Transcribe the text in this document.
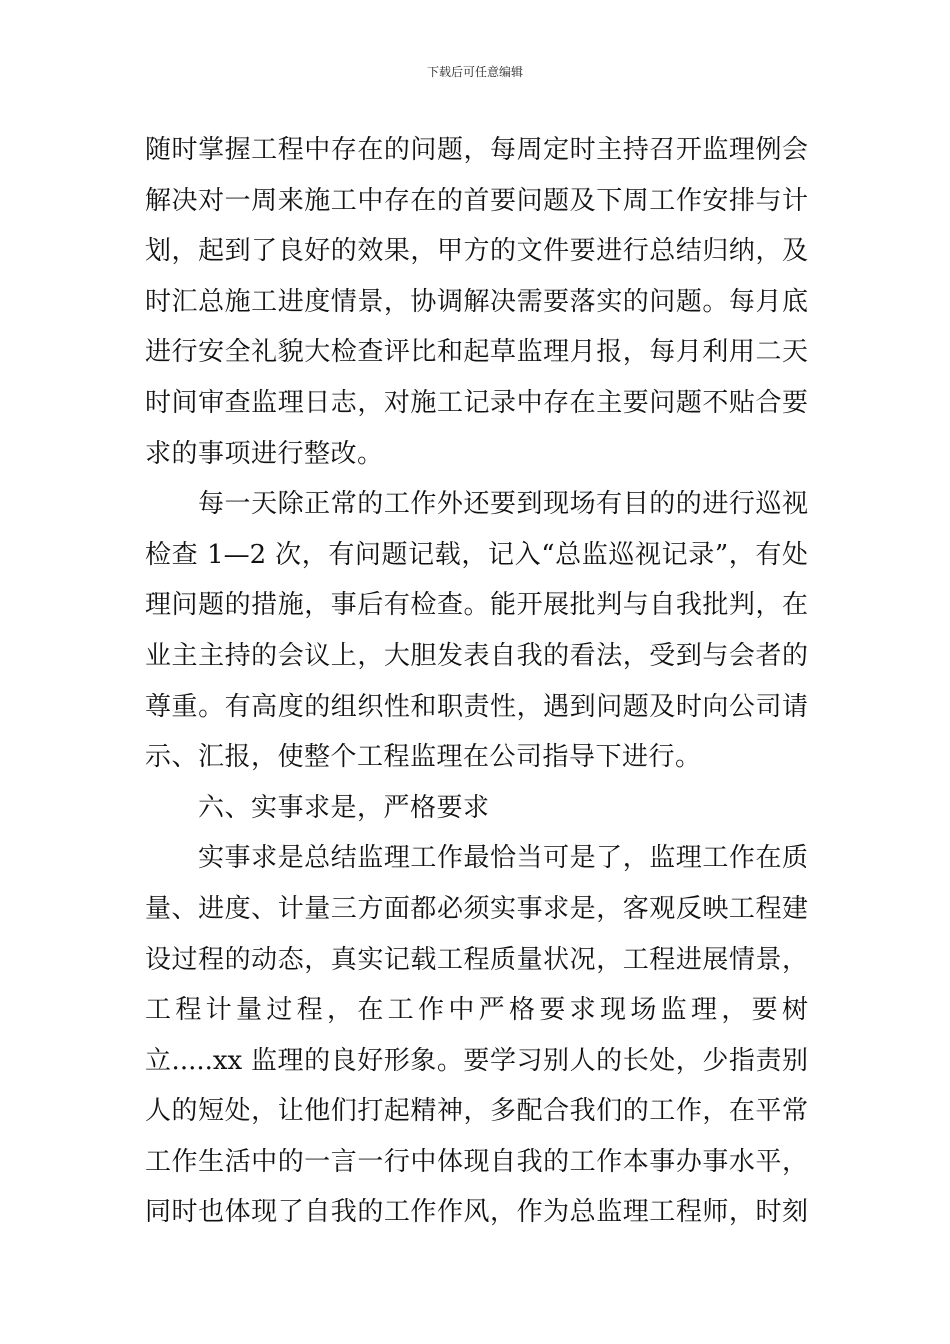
下载后可任意编辑
随时掌握工程中存在的问题，每周定时主持召开监理例会
解决对一周来施工中存在的首要问题及下周工作安排与计
划，起到了良好的效果，甲方的文件要进行总结归纳，及
时汇总施工进度情景，协调解决需要落实的问题。每月底
进行安全礼貌大检查评比和起草监理月报，每月利用二天
时间审查监理日志，对施工记录中存在主要问题不贴合要
求的事项进行整改。
每一天除正常的工作外还要到现场有目的的进行巡视
检查 1—2 次，有问题记载，记入“总监巡视记录”，有处
理问题的措施，事后有检查。能开展批判与自我批判，在
业主主持的会议上，大胆发表自我的看法，受到与会者的
尊重。有高度的组织性和职责性，遇到问题及时向公司请
示、汇报，使整个工程监理在公司指导下进行。
六、实事求是，严格要求
实事求是总结监理工作最恰当可是了，监理工作在质
量、进度、计量三方面都必须实事求是，客观反映工程建
设过程的动态，真实记载工程质量状况，工程进展情景，
工程计量过程，在工作中严格要求现场监理，要树
立.....xx 监理的良好形象。要学习别人的长处，少指责别
人的短处，让他们打起精神，多配合我们的工作，在平常
工作生活中的一言一行中体现自我的工作本事办事水平，
同时也体现了自我的工作作风，作为总监理工程师，时刻
